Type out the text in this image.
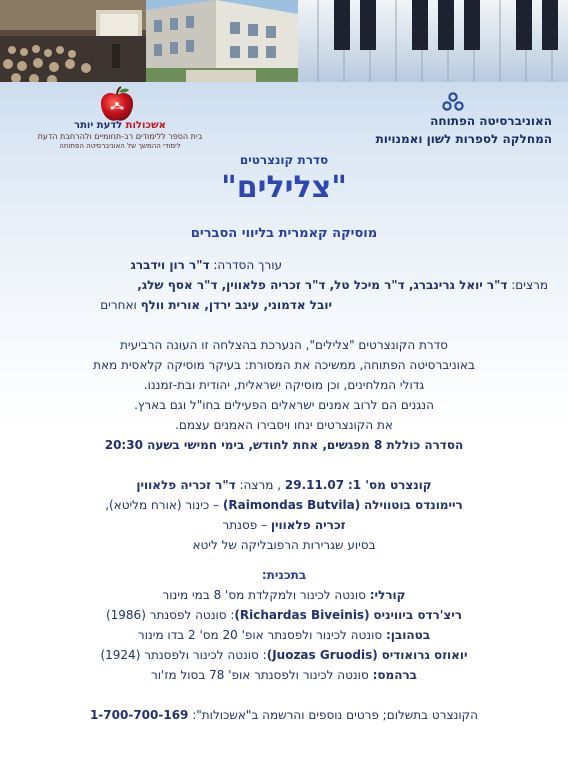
האוניברסיטה הפתוחה
המחלקה לספרות לשון ואמנויות
אשכולות לדעת יותר
בית הספר ללימודים רב-תחומיים ולהרחבת הדעת
לימודי ההמשך של האוניברסיטה הפתוחה
סדרת קונצרטים
"צלילים"
מוסיקה קאמרית בליווי הסברים
עורך הסדרה: ד"ר רון וידברג
מרצים: ד"ר יואל גרינברג, ד"ר מיכל טל, ד"ר זכריה פלאווין, ד"ר אסף שלג,
יובל אדמוני, עינב ירדן, אורית וולף ואחרים
סדרת הקונצרטים "צלילים", הנערכת בהצלחה זו העונה הרביעית
באוניברסיטה הפתוחה, ממשיכה את המסורת: בעיקר מוסיקה קלאסית מאת
גדולי המלחינים, וכן מוסיקה ישראלית, יהודית ובת-זמננו.
הנגנים הם לרוב אמנים ישראלים הפעילים בחו"ל וגם בארץ.
את הקונצרטים ינחו ויסבירו האמנים עצמם.
הסדרה כוללת 8 מפגשים, אחת לחודש, בימי חמישי בשעה 20:30
קונצרט מס' 1: 29.11.07 , מרצה: ד"ר זכריה פלאווין
ריימונדס בוטווילה (Raimondas Butvila) – כינור (אורח מליטא),
זכריה פלאווין – פסנתר
בסיוע שגרירות הרפובליקה של ליטא
בתכנית:
קורלי: סונטה לכינור ולמקלדת מס' 8 במי מינור
ריצ'רדס ביוויניס (Richardas Biveinis): סונטה לפסנתר (1986)
בטהובן: סונטה לכינור ולפסנתר אופ' 20 מס' 2 בדו מינור
יואוזס גרואודיס (Juozas Gruodis): סונטה לכינור ולפסנתר (1924)
ברהמס: סונטה לכינור ולפסנתר אופ' 78 בסול מז'ור
הקונצרט בתשלום; פרטים נוספים והרשמה ב"אשכולות": 1-700-700-169
